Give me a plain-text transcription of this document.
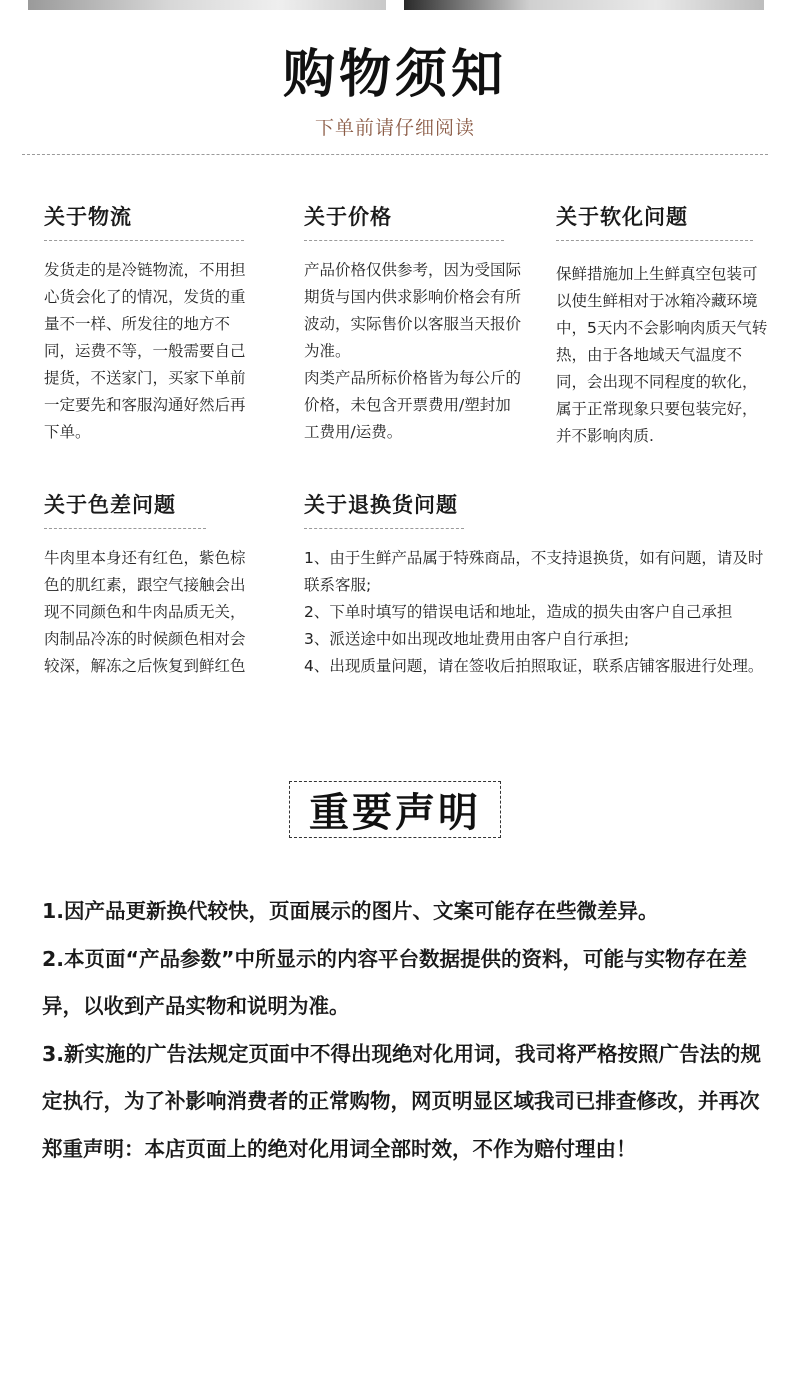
购物须知
下单前请仔细阅读
关于物流

发货走的是冷链物流，不用担心货会化了的情况，发货的重量不一样、所发往的地方不同，运费不等，一般需要自己提货，不送家门，买家下单前一定要先和客服沟通好然后再下单。

关于价格

产品价格仅供参考，因为受国际期货与国内供求影响价格会有所波动，实际售价以客服当天报价为准。

肉类产品所标价格皆为每公斤的价格，未包含开票费用/塑封加工费用/运费。

关于软化问题

保鲜措施加上生鲜真空包装可以使生鲜相对于冰箱冷藏环境中，5天内不会影响肉质天气转热，由于各地域天气温度不同，会出现不同程度的软化，属于正常现象只要包装完好，并不影响肉质.

关于色差问题

牛肉里本身还有红色，紫色棕色的肌红素，跟空气接触会出现不同颜色和牛肉品质无关，肉制品冷冻的时候颜色相对会较深，解冻之后恢复到鲜红色

关于退换货问题

1、由于生鲜产品属于特殊商品，不支持退换货，如有问题，请及时联系客服;

2、下单时填写的错误电话和地址，造成的损失由客户自己承担

3、派送途中如出现改地址费用由客户自行承担;

4、出现质量问题，请在签收后拍照取证，联系店铺客服进行处理。

重要声明

1.因产品更新换代较快，页面展示的图片、文案可能存在些微差异。

2.本页面“产品参数”中所显示的内容平台数据提供的资料，可能与实物存在差异，以收到产品实物和说明为准。

3.新实施的广告法规定页面中不得出现绝对化用词，我司将严格按照广告法的规定执行，为了补影响消费者的正常购物，网页明显区域我司已排查修改，并再次郑重声明：本店页面上的绝对化用词全部时效，不作为赔付理由！
